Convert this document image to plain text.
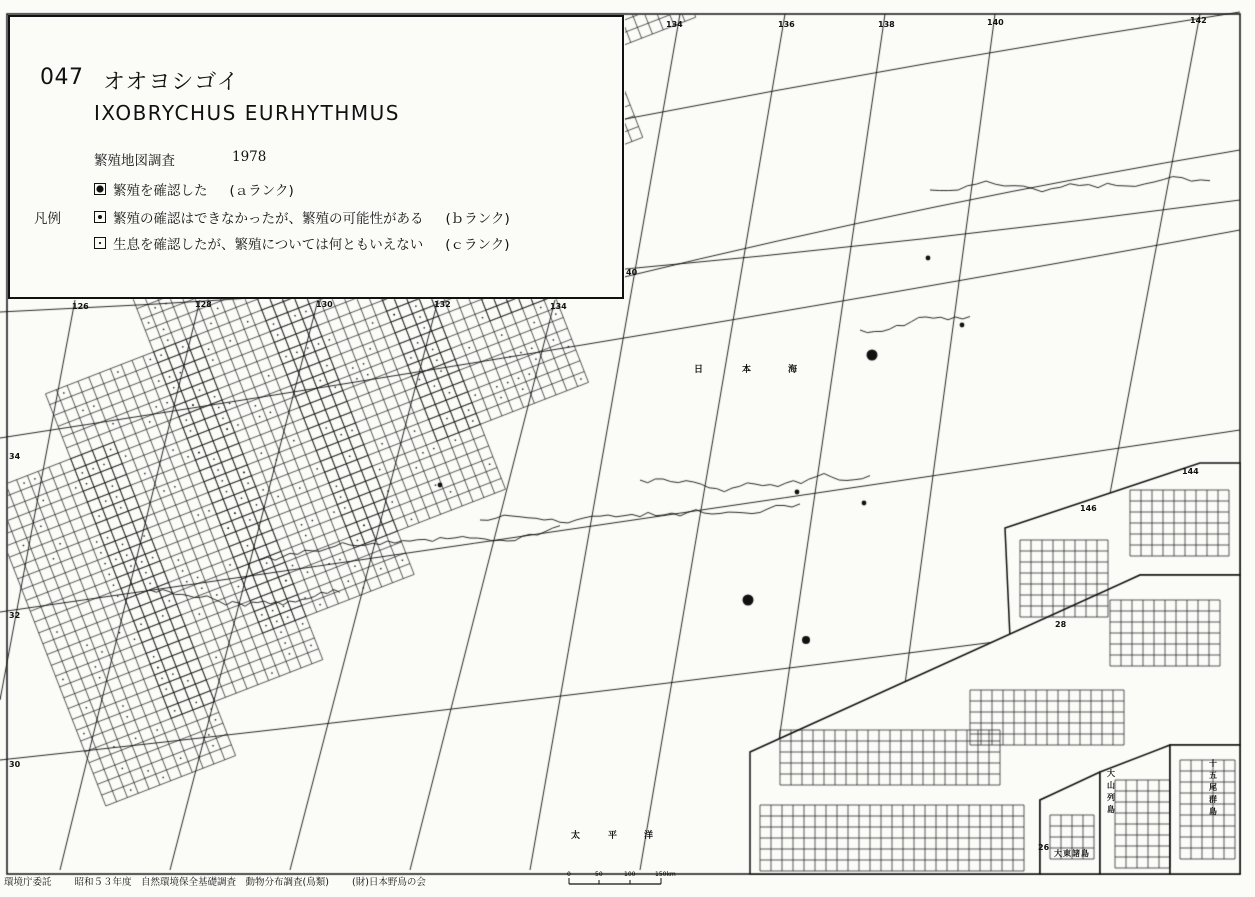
日	本	海
太	平	洋
126	128	130	132	134
134	136	138	140	142
144
146
30
32
34
40
26
28
大
山
列
島
十
五
尾
群
島
大 東 諸 島
047 オオヨシゴイ
IXOBRYCHUS EURHYTHMUS
繁殖地図調査	1978
凡例
繁殖を確認した (ａランク)
繁殖の確認はできなかったが、繁殖の可能性がある (ｂランク)
生息を確認したが、繁殖については何ともいえない (ｃランク)
環境庁委託 昭和５３年度　自然環境保全基礎調査　動物分布調査(鳥類) (財)日本野鳥の会
0	50	100	150km
